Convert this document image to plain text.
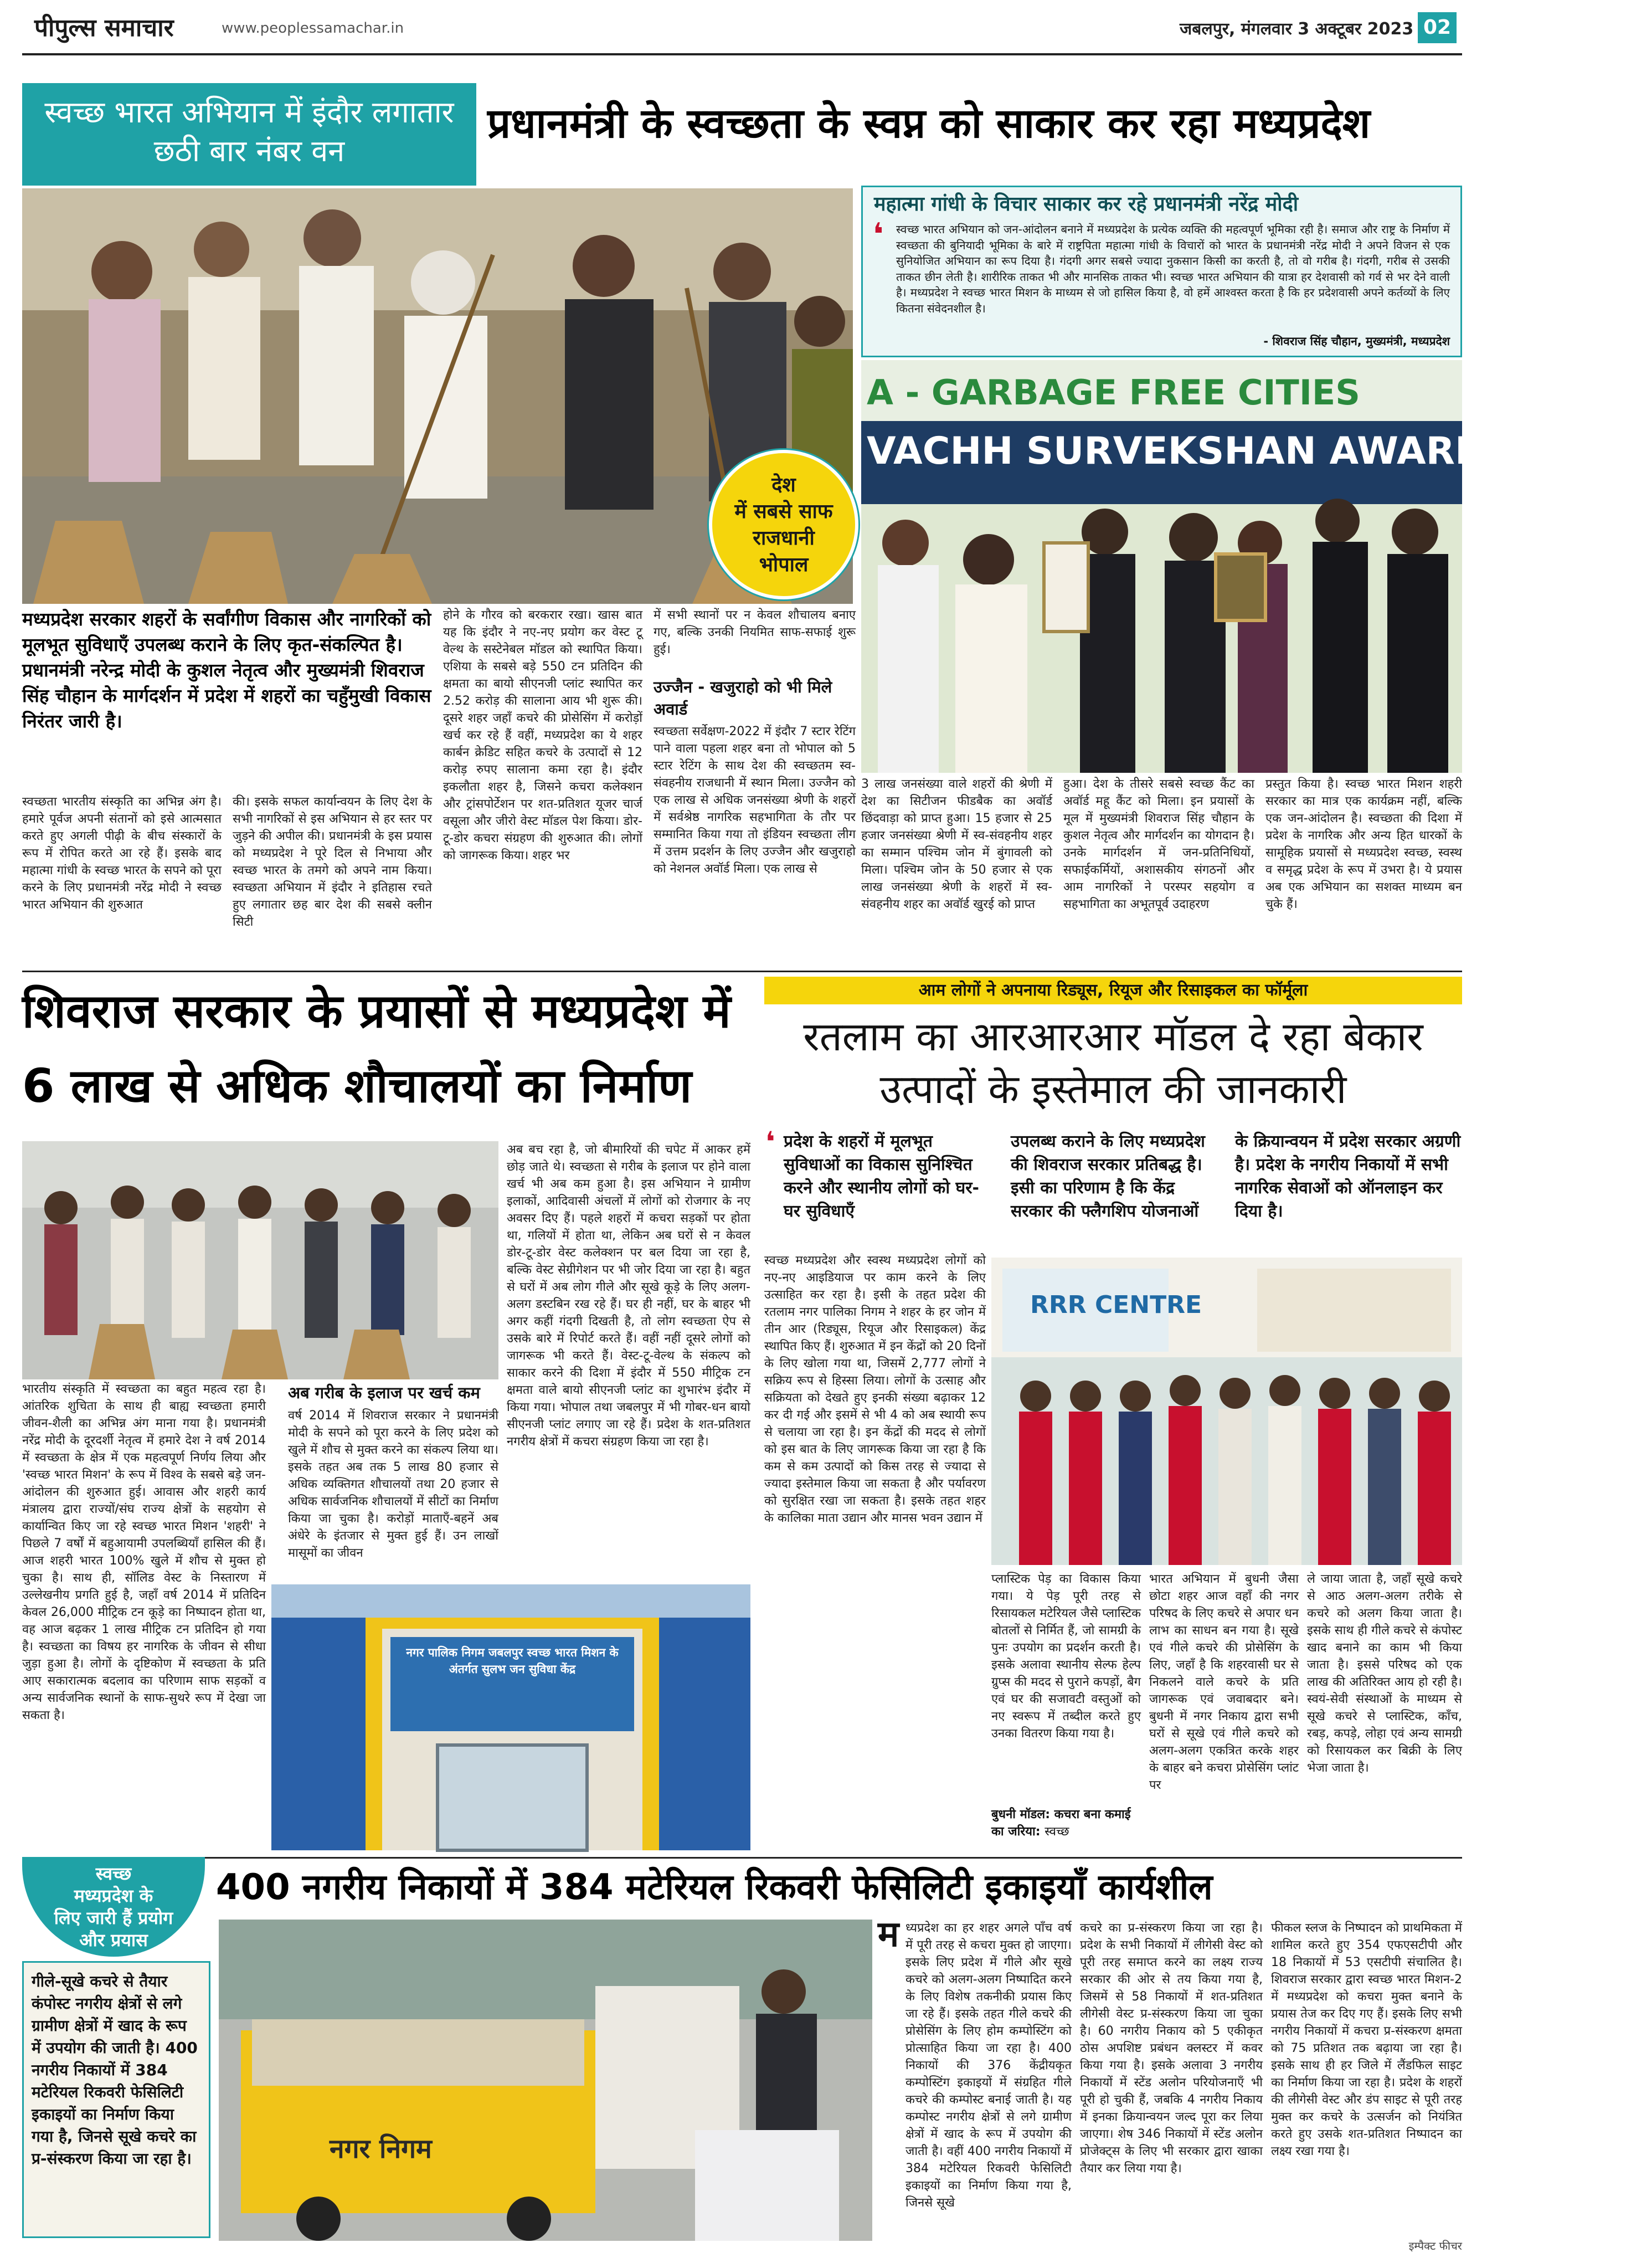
पीपुल्स समाचार	www.peoplessamachar.in	जबलपुर, मंगलवार 3 अक्टूबर 2023 02
स्वच्छ भारत अभियान में इंदौर लगातार छठी बार नंबर वन
प्रधानमंत्री के स्वच्छता के स्वप्न को साकार कर रहा मध्यप्रदेश
महात्मा गांधी के विचार साकार कर रहे प्रधानमंत्री नरेंद्र मोदी
❛ स्वच्छ भारत अभियान को जन-आंदोलन बनाने में मध्यप्रदेश के प्रत्येक व्यक्ति की महत्वपूर्ण भूमिका रही है। समाज और राष्ट्र के निर्माण में स्वच्छता की बुनियादी भूमिका के बारे में राष्ट्रपिता महात्मा गांधी के विचारों को भारत के प्रधानमंत्री नरेंद्र मोदी ने अपने विजन से एक सुनियोजित अभियान का रूप दिया है। गंदगी अगर सबसे ज्यादा नुकसान किसी का करती है, तो वो गरीब है। गंदगी, गरीब से उसकी ताकत छीन लेती है। शारीरिक ताकत भी और मानसिक ताकत भी। स्वच्छ भारत अभियान की यात्रा हर देशवासी को गर्व से भर देने वाली है। मध्यप्रदेश ने स्वच्छ भारत मिशन के माध्यम से जो हासिल किया है, वो हमें आश्वस्त करता है कि हर प्रदेशवासी अपने कर्तव्यों के लिए कितना संवेदनशील है।
- शिवराज सिंह चौहान, मुख्यमंत्री, मध्यप्रदेश
A - GARBAGE FREE CITIES
VACHH SURVEKSHAN AWARDS 2022
देश
में सबसे साफ
राजधानी
भोपाल
मध्यप्रदेश सरकार शहरों के सर्वांगीण विकास और नागरिकों को मूलभूत सुविधाएँ उपलब्ध कराने के लिए कृत-संकल्पित है। प्रधानमंत्री नरेन्द्र मोदी के कुशल नेतृत्व और मुख्यमंत्री शिवराज सिंह चौहान के मार्गदर्शन में प्रदेश में शहरों का चहुँमुखी विकास निरंतर जारी है।
स्वच्छता भारतीय संस्कृति का अभिन्न अंग है। हमारे पूर्वज अपनी संतानों को इसे आत्मसात करते हुए अगली पीढ़ी के बीच संस्कारों के रूप में रोपित करते आ रहे हैं। इसके बाद महात्मा गांधी के स्वच्छ भारत के सपने को पूरा करने के लिए प्रधानमंत्री नरेंद्र मोदी ने स्वच्छ भारत अभियान की शुरुआत
की। इसके सफल कार्यान्वयन के लिए देश के सभी नागरिकों से इस अभियान से हर स्तर पर जुड़ने की अपील की। प्रधानमंत्री के इस प्रयास को मध्यप्रदेश ने पूरे दिल से निभाया और स्वच्छ भारत के तमगे को अपने नाम किया। स्वच्छता अभियान में इंदौर ने इतिहास रचते हुए लगातार छह बार देश की सबसे क्लीन सिटी
होने के गौरव को बरकरार रखा। खास बात यह कि इंदौर ने नए-नए प्रयोग कर वेस्ट टू वेल्थ के सस्टेनेबल मॉडल को स्थापित किया। एशिया के सबसे बड़े 550 टन प्रतिदिन की क्षमता का बायो सीएनजी प्लांट स्थापित कर 2.52 करोड़ की सालाना आय भी शुरू की। दूसरे शहर जहाँ कचरे की प्रोसेसिंग में करोड़ों खर्च कर रहे हैं वहीं, मध्यप्रदेश का ये शहर कार्बन क्रेडिट सहित कचरे के उत्पादों से 12 करोड़ रुपए सालाना कमा रहा है। इंदौर इकलौता शहर है, जिसने कचरा कलेक्शन और ट्रांसपोर्टेशन पर शत-प्रतिशत यूजर चार्ज वसूला और जीरो वेस्ट मॉडल पेश किया। डोर-टू-डोर कचरा संग्रहण की शुरुआत की। लोगों को जागरूक किया। शहर भर
में सभी स्थानों पर न केवल शौचालय बनाए गए, बल्कि उनकी नियमित साफ-सफाई शुरू हुई।
उज्जैन - खजुराहो को भी मिले अवार्ड
स्वच्छता सर्वेक्षण-2022 में इंदौर 7 स्टार रेटिंग पाने वाला पहला शहर बना तो भोपाल को 5 स्टार रेटिंग के साथ देश की स्वच्छतम स्व-संवहनीय राजधानी में स्थान मिला। उज्जैन को एक लाख से अधिक जनसंख्या श्रेणी के शहरों में सर्वश्रेष्ठ नागरिक सहभागिता के तौर पर सम्मानित किया गया तो इंडियन स्वच्छता लीग में उत्तम प्रदर्शन के लिए उज्जैन और खजुराहो को नेशनल अवॉर्ड मिला। एक लाख से
3 लाख जनसंख्या वाले शहरों की श्रेणी में देश का सिटीजन फीडबैक का अवॉर्ड छिंदवाड़ा को प्राप्त हुआ। 15 हजार से 25 हजार जनसंख्या श्रेणी में स्व-संवहनीय शहर का सम्मान पश्चिम जोन में बुंगावली को मिला। पश्चिम जोन के 50 हजार से एक लाख जनसंख्या श्रेणी के शहरों में स्व- संवहनीय शहर का अवॉर्ड खुरई को प्राप्त
हुआ। देश के तीसरे सबसे स्वच्छ कैंट का अवॉर्ड महू कैंट को मिला। इन प्रयासों के मूल में मुख्यमंत्री शिवराज सिंह चौहान के कुशल नेतृत्व और मार्गदर्शन का योगदान है। उनके मार्गदर्शन में जन-प्रतिनिधियों, सफाईकर्मियों, अशासकीय संगठनों और आम नागरिकों ने परस्पर सहयोग व सहभागिता का अभूतपूर्व उदाहरण
प्रस्तुत किया है। स्वच्छ भारत मिशन शहरी सरकार का मात्र एक कार्यक्रम नहीं, बल्कि एक जन-आंदोलन है। स्वच्छता की दिशा में प्रदेश के नागरिक और अन्य हित धारकों के सामूहिक प्रयासों से मध्यप्रदेश स्वच्छ, स्वस्थ व समृद्ध प्रदेश के रूप में उभरा है। ये प्रयास अब एक अभियान का सशक्त माध्यम बन चुके हैं।
शिवराज सरकार के प्रयासों से मध्यप्रदेश में
6 लाख से अधिक शौचालयों का निर्माण
भारतीय संस्कृति में स्वच्छता का बहुत महत्व रहा है। आंतरिक शुचिता के साथ ही बाह्य स्वच्छता हमारी जीवन-शैली का अभिन्न अंग माना गया है। प्रधानमंत्री नरेंद्र मोदी के दूरदर्शी नेतृत्व में हमारे देश ने वर्ष 2014 में स्वच्छता के क्षेत्र में एक महत्वपूर्ण निर्णय लिया और 'स्वच्छ भारत मिशन' के रूप में विश्व के सबसे बड़े जन-आंदोलन की शुरुआत हुई। आवास और शहरी कार्य मंत्रालय द्वारा राज्यों/संघ राज्य क्षेत्रों के सहयोग से कार्यान्वित किए जा रहे स्वच्छ भारत मिशन 'शहरी' ने पिछले 7 वर्षों में बहुआयामी उपलब्धियाँ हासिल की हैं। आज शहरी भारत 100% खुले में शौच से मुक्त हो चुका है। साथ ही, सॉलिड वेस्ट के निस्तारण में उल्लेखनीय प्रगति हुई है, जहाँ वर्ष 2014 में प्रतिदिन केवल 26,000 मीट्रिक टन कूड़े का निष्पादन होता था, वह आज बढ़कर 1 लाख मीट्रिक टन प्रतिदिन हो गया है। स्वच्छता का विषय हर नागरिक के जीवन से सीधा जुड़ा हुआ है। लोगों के दृष्टिकोण में स्वच्छता के प्रति आए सकारात्मक बदलाव का परिणाम साफ सड़कों व अन्य सार्वजनिक स्थानों के साफ-सुथरे रूप में देखा जा सकता है।
अब गरीब के इलाज पर खर्च कम
वर्ष 2014 में शिवराज सरकार ने प्रधानमंत्री मोदी के सपने को पूरा करने के लिए प्रदेश को खुले में शौच से मुक्त करने का संकल्प लिया था। इसके तहत अब तक 5 लाख 80 हजार से अधिक व्यक्तिगत शौचालयों तथा 20 हजार से अधिक सार्वजनिक शौचालयों में सीटों का निर्माण किया जा चुका है। करोड़ों माताएँ-बहनें अब अंधेरे के इंतजार से मुक्त हुई हैं। उन लाखों मासूमों का जीवन
अब बच रहा है, जो बीमारियों की चपेट में आकर हमें छोड़ जाते थे। स्वच्छता से गरीब के इलाज पर होने वाला खर्च भी अब कम हुआ है। इस अभियान ने ग्रामीण इलाकों, आदिवासी अंचलों में लोगों को रोजगार के नए अवसर दिए हैं। पहले शहरों में कचरा सड़कों पर होता था, गलियों में होता था, लेकिन अब घरों से न केवल डोर-टू-डोर वेस्ट कलेक्शन पर बल दिया जा रहा है, बल्कि वेस्ट सेग्रीगेशन पर भी जोर दिया जा रहा है। बहुत से घरों में अब लोग गीले और सूखे कूड़े के लिए अलग-अलग डस्टबिन रख रहे हैं। घर ही नहीं, घर के बाहर भी अगर कहीं गंदगी दिखती है, तो लोग स्वच्छता ऐप से उसके बारे में रिपोर्ट करते हैं। वहीं नहीं दूसरे लोगों को जागरूक भी करते हैं। वेस्ट-टू-वेल्थ के संकल्प को साकार करने की दिशा में इंदौर में 550 मीट्रिक टन क्षमता वाले बायो सीएनजी प्लांट का शुभारंभ इंदौर में किया गया। भोपाल तथा जबलपुर में भी गोबर-धन बायो सीएनजी प्लांट लगाए जा रहे हैं। प्रदेश के शत-प्रतिशत नगरीय क्षेत्रों में कचरा संग्रहण किया जा रहा है।
नगर पालिक निगम जबलपुर स्वच्छ भारत मिशन के अंतर्गत सुलभ जन सुविधा केंद्र
आम लोगों ने अपनाया रिड्यूस, रियूज और रिसाइकल का फॉर्मूला
रतलाम का आरआरआर मॉडल दे रहा बेकार
उत्पादों के इस्तेमाल की जानकारी
❛ प्रदेश के शहरों में मूलभूत सुविधाओं का विकास सुनिश्चित करने और स्थानीय लोगों को घर-घर सुविधाएँ
उपलब्ध कराने के लिए मध्यप्रदेश की शिवराज सरकार प्रतिबद्ध है। इसी का परिणाम है कि केंद्र सरकार की फ्लैगशिप योजनाओं
के क्रियान्वयन में प्रदेश सरकार अग्रणी है। प्रदेश के नगरीय निकायों में सभी नागरिक सेवाओं को ऑनलाइन कर दिया है।
स्वच्छ मध्यप्रदेश और स्वस्थ मध्यप्रदेश लोगों को नए-नए आइडियाज पर काम करने के लिए उत्साहित कर रहा है। इसी के तहत प्रदेश की रतलाम नगर पालिका निगम ने शहर के हर जोन में तीन आर (रिड्यूस, रियूज और रिसाइकल) केंद्र स्थापित किए हैं। शुरुआत में इन केंद्रों को 20 दिनों के लिए खोला गया था, जिसमें 2,777 लोगों ने सक्रिय रूप से हिस्सा लिया। लोगों के उत्साह और सक्रियता को देखते हुए इनकी संख्या बढ़ाकर 12 कर दी गई और इसमें से भी 4 को अब स्थायी रूप से चलाया जा रहा है। इन केंद्रों की मदद से लोगों को इस बात के लिए जागरूक किया जा रहा है कि कम से कम उत्पादों को किस तरह से ज्यादा से ज्यादा इस्तेमाल किया जा सकता है और पर्यावरण को सुरक्षित रखा जा सकता है। इसके तहत शहर के कालिका माता उद्यान और मानस भवन उद्यान में
RRR CENTRE
प्लास्टिक पेड़ का विकास किया गया। ये पेड़ पूरी तरह से रिसायकल मटेरियल जैसे प्लास्टिक बोतलों से निर्मित हैं, जो सामग्री के पुनः उपयोग का प्रदर्शन करती है। इसके अलावा स्थानीय सेल्फ हेल्प ग्रुप्स की मदद से पुराने कपड़ों, बैग एवं घर की सजावटी वस्तुओं को नए स्वरूप में तब्दील करते हुए उनका वितरण किया गया है।
बुधनी मॉडल: कचरा बना कमाई का जरिया: स्वच्छ
भारत अभियान में बुधनी जैसा छोटा शहर आज वहाँ की नगर परिषद के लिए कचरे से अपार धन लाभ का साधन बन गया है। सूखे एवं गीले कचरे की प्रोसेसिंग के लिए, जहाँ है कि शहरवासी घर से निकलने वाले कचरे के प्रति जागरूक एवं जवाबदार बने। बुधनी में नगर निकाय द्वारा सभी घरों से सूखे एवं गीले कचरे को अलग-अलग एकत्रित करके शहर के बाहर बने कचरा प्रोसेसिंग प्लांट पर
ले जाया जाता है, जहाँ सूखे कचरे से आठ अलग-अलग तरीके से कचरे को अलग किया जाता है। इसके साथ ही गीले कचरे से कंपोस्ट खाद बनाने का काम भी किया जाता है। इससे परिषद को एक लाख की अतिरिक्त आय हो रही है। स्वयं-सेवी संस्थाओं के माध्यम से सूखे कचरे से प्लास्टिक, काँच, रबड़, कपड़े, लोहा एवं अन्य सामग्री को रिसायकल कर बिक्री के लिए भेजा जाता है।
400 नगरीय निकायों में 384 मटेरियल रिकवरी फेसिलिटी इकाइयाँ कार्यशील
स्वच्छ
मध्यप्रदेश के
लिए जारी हैं प्रयोग
और प्रयास
गीले-सूखे कचरे से तैयार कंपोस्ट नगरीय क्षेत्रों से लगे ग्रामीण क्षेत्रों में खाद के रूप में उपयोग की जाती है। 400 नगरीय निकायों में 384 मटेरियल रिकवरी फेसिलिटी इकाइयों का निर्माण किया गया है, जिनसे सूखे कचरे का प्र-संस्करण किया जा रहा है।	नगर निगम
म ध्यप्रदेश का हर शहर अगले पाँच वर्ष में पूरी तरह से कचरा मुक्त हो जाएगा। इसके लिए प्रदेश में गीले और सूखे कचरे को अलग-अलग निष्पादित करने के लिए विशेष तकनीकी प्रयास किए जा रहे हैं। इसके तहत गीले कचरे की प्रोसेसिंग के लिए होम कम्पोस्टिंग को प्रोत्साहित किया जा रहा है। 400 निकायों की 376 केंद्रीयकृत कम्पोस्टिंग इकाइयों में संग्रहित गीले कचरे की कम्पोस्ट बनाई जाती है। यह कम्पोस्ट नगरीय क्षेत्रों से लगे ग्रामीण क्षेत्रों में खाद के रूप में उपयोग की जाती है। वहीं 400 नगरीय निकायों में 384 मटेरियल रिकवरी फेसिलिटी इकाइयों का निर्माण किया गया है, जिनसे सूखे
कचरे का प्र-संस्करण किया जा रहा है। प्रदेश के सभी निकायों में लीगेसी वेस्ट को पूरी तरह समाप्त करने का लक्ष्य राज्य सरकार की ओर से तय किया गया है, जिसमें से 58 निकायों में शत-प्रतिशत लीगेसी वेस्ट प्र-संस्करण किया जा चुका है। 60 नगरीय निकाय को 5 एकीकृत ठोस अपशिष्ट प्रबंधन क्लस्टर में कवर किया गया है। इसके अलावा 3 नगरीय निकायों में स्टेंड अलोन परियोजनाएँ भी पूरी हो चुकी हैं, जबकि 4 नगरीय निकाय में इनका क्रियान्वयन जल्द पूरा कर लिया जाएगा। शेष 346 निकायों में स्टेंड अलोन प्रोजेक्ट्स के लिए भी सरकार द्वारा खाका तैयार कर लिया गया है।
फीकल स्लज के निष्पादन को प्राथमिकता में शामिल करते हुए 354 एफएसटीपी और 18 निकायों में 53 एसटीपी संचालित है। शिवराज सरकार द्वारा स्वच्छ भारत मिशन-2 में मध्यप्रदेश को कचरा मुक्त बनाने के प्रयास तेज कर दिए गए हैं। इसके लिए सभी नगरीय निकायों में कचरा प्र-संस्करण क्षमता को 75 प्रतिशत तक बढ़ाया जा रहा है। इसके साथ ही हर जिले में लैंडफिल साइट का निर्माण किया जा रहा है। प्रदेश के शहरों की लीगेसी वेस्ट और डंप साइट से पूरी तरह मुक्त कर कचरे के उत्सर्जन को नियंत्रित करते हुए उसके शत-प्रतिशत निष्पादन का लक्ष्य रखा गया है।
इम्पैक्ट फीचर
